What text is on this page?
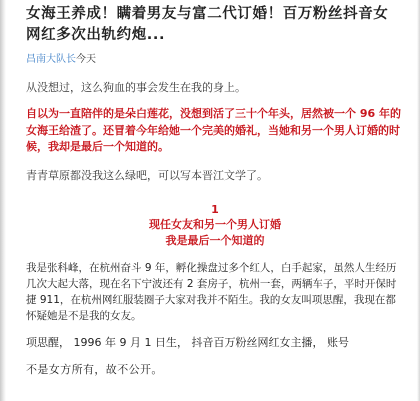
女海王养成！瞒着男友与富二代订婚！百万粉丝抖音女 网红多次出轨约炮...
昌南大队长今天

从没想过，这么狗血的事会发生在我的身上。

自以为一直陪伴的是朵白莲花，没想到活了三十个年头，居然被一个 96 年的女海王给渣了。还冒着今年给她一个完美的婚礼，当她和另一个男人订婚的时候，我却是最后一个知道的。

青青草原都没我这么绿吧，可以写本晋江文学了。

1
现任女友和另一个男人订婚
我是最后一个知道的

我是张科峰，在杭州奋斗 9 年，孵化操盘过多个红人，白手起家，虽然人生经历几次大起大落，现在名下宁波还有 2 套房子，杭州一套，两辆车子，平时开保时捷 911，在杭州网红服装圈子大家对我并不陌生。我的女友叫项思醒，我现在都怀疑她是不是我的女友。

项思醒， 1996 年 9 月 1 日生， 抖音百万粉丝网红女主播， 账号

不是女方所有，故不公开。
